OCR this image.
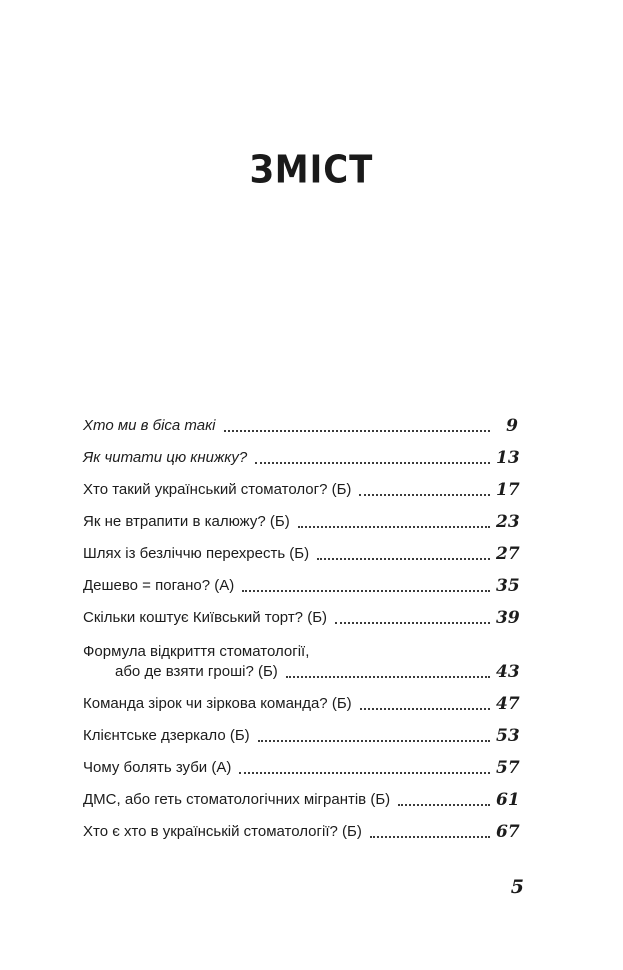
ЗМІСТ
Хто ми в біса такі	9
Як читати цю книжку?	13
Хто такий український стоматолог? (Б)	17
Як не втрапити в калюжу? (Б)	23
Шлях із безліччю перехресть (Б)	27
Дешево = погано? (А)	35
Скільки коштує Київський торт? (Б)	39
Формула відкриття стоматології,
або де взяти гроші? (Б)	43
Команда зірок чи зіркова команда? (Б)	47
Клієнтське дзеркало (Б)	53
Чому болять зуби (А)	57
ДМС, або геть стоматологічних мігрантів (Б)	61
Хто є хто в українській стоматології? (Б)	67
5
